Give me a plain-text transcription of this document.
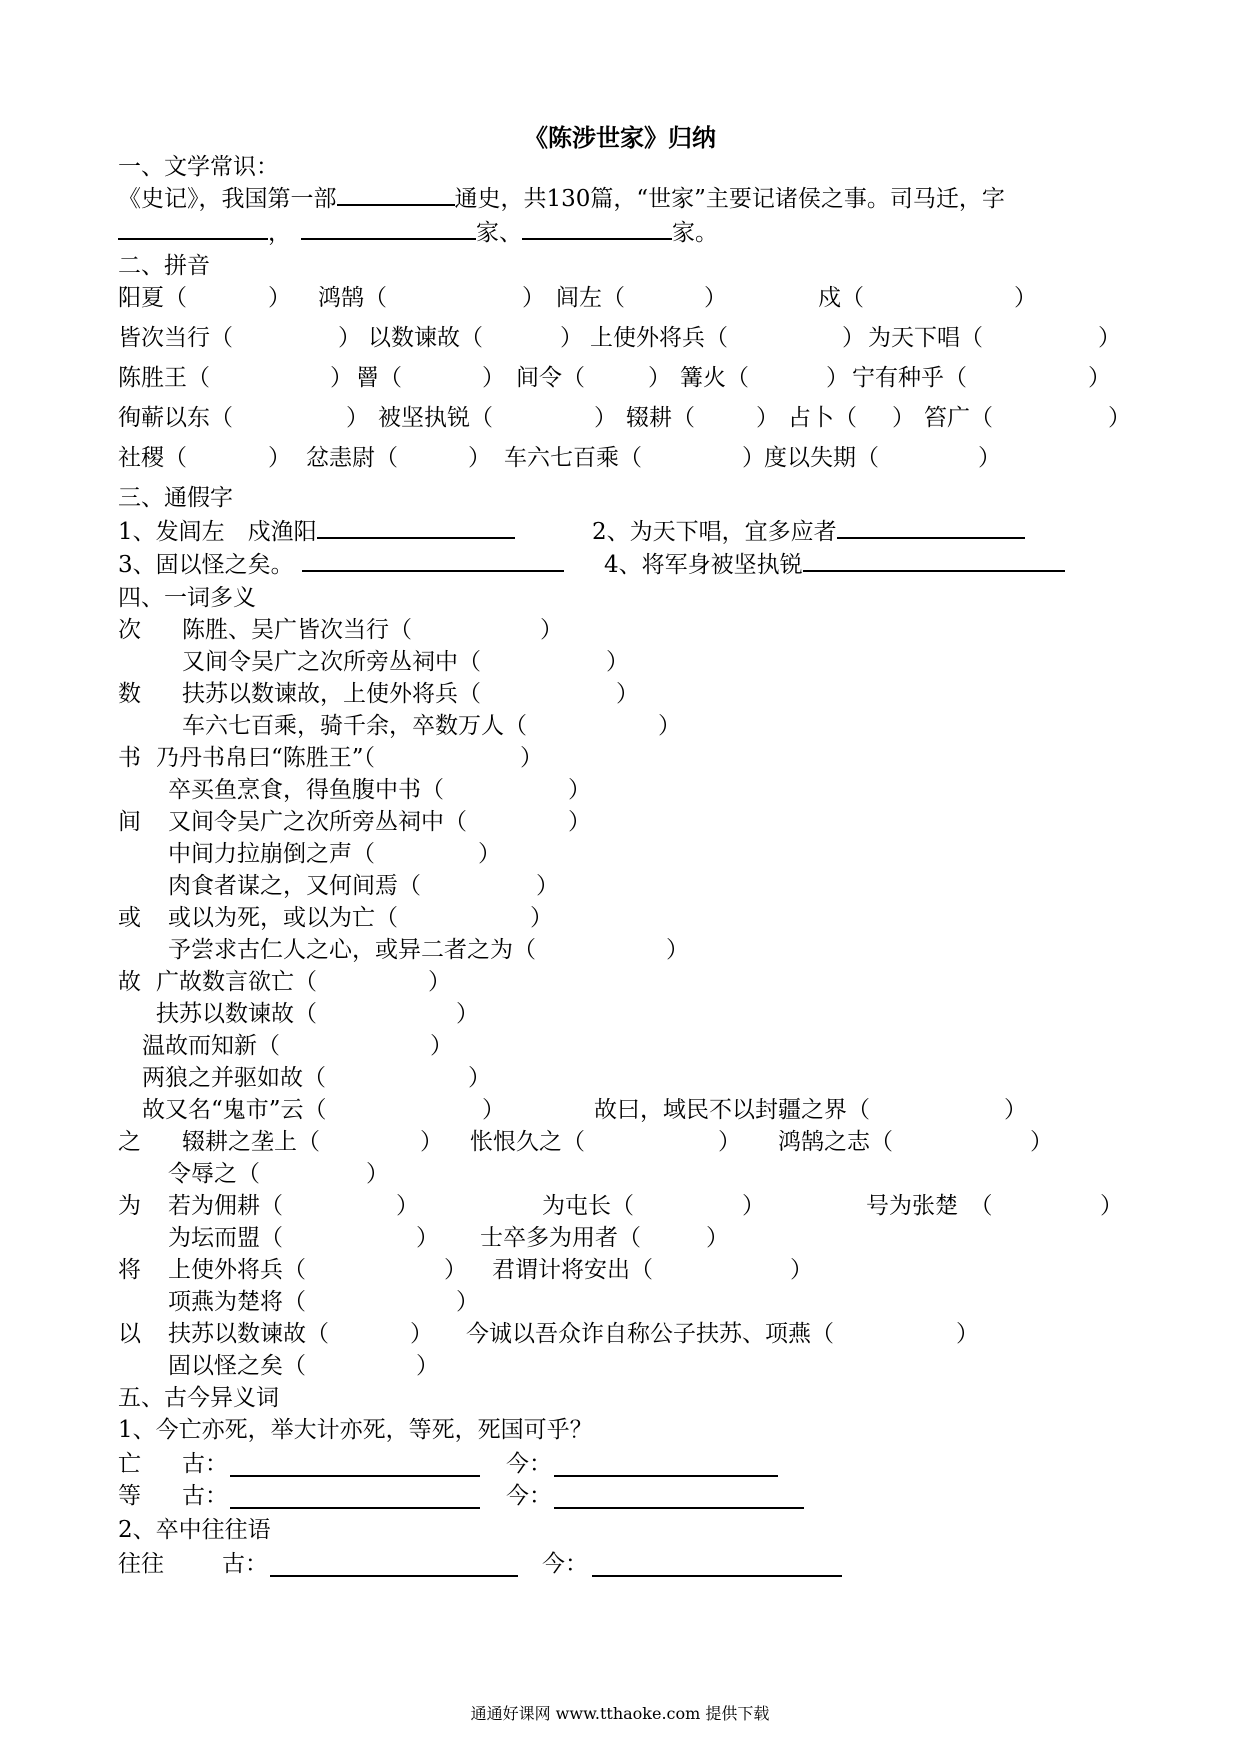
《陈涉世家》归纳
一、文学常识：
《史记》，我国第一部	通史，共130篇，“世家”主要记诸侯之事。司马迁，字
，	家、	家。
二、拼音
阳夏（	） 鸿鹄（	） 闾左（	）	戍（	）
皆次当行（	） 以数谏故（	） 上使外将兵（	） 为天下唱（	）
陈胜王（	） 罾（	） 间令（	） 篝火（	） 宁有种乎（	）
徇蕲以东（	） 被坚执锐（	） 辍耕（	） 占卜（ ） 笞广（	）
社稷（	） 忿恚尉（	） 车六七百乘（	） 度以失期（	）
三、通假字
1、发闾左　戍渔阳	2、为天下唱，宜多应者
3、固以怪之矣。	4、将军身被坚执锐
四、一词多义
次 陈胜、吴广皆次当行（	）
又间令吴广之次所旁丛祠中（	）
数 扶苏以数谏故，上使外将兵（	）
车六七百乘，骑千余，卒数万人（	）
书 乃丹书帛曰“陈胜王”（	）
卒买鱼烹食，得鱼腹中书（	）
间 又间令吴广之次所旁丛祠中（	）
中间力拉崩倒之声（	）
肉食者谋之，又何间焉（	）
或 或以为死，或以为亡（	）
予尝求古仁人之心，或异二者之为（	）
故 广故数言欲亡（	）
扶苏以数谏故（	）
温故而知新（	）
两狼之并驱如故（	）
故又名“鬼市”云（	）	故曰，域民不以封疆之界（	）
之 辍耕之垄上（	） 怅恨久之（	） 鸿鹄之志（	）
令辱之（	）
为 若为佣耕（	）	为屯长（	）	号为张楚　（	）
为坛而盟（	） 士卒多为用者（	）
将 上使外将兵（	） 君谓计将安出（	）
项燕为楚将（	）
以 扶苏以数谏故（	） 今诚以吾众诈自称公子扶苏、项燕（	）
固以怪之矣（	）
五、古今异义词
1、今亡亦死，举大计亦死，等死，死国可乎？
亡 古：	今：
等 古：	今：
2、卒中往往语
往往	古：	今：
通通好课网 www.tthaoke.com 提供下载
